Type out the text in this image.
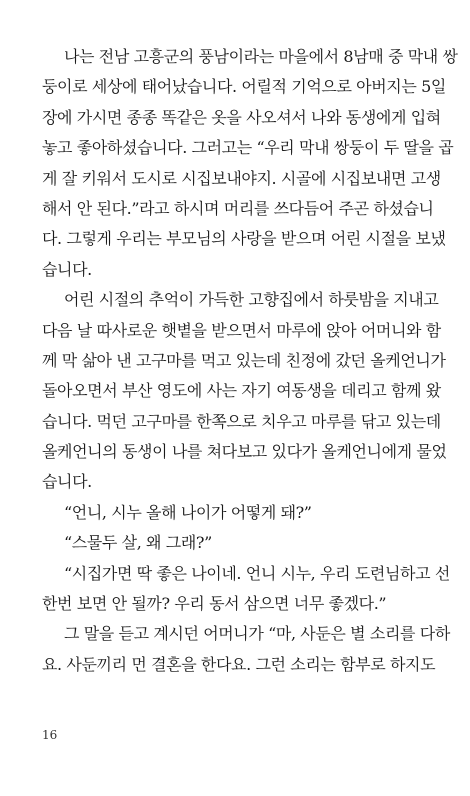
나는 전남 고흥군의 풍남이라는 마을에서 8남매 중 막내 쌍
둥이로 세상에 태어났습니다. 어릴적 기억으로 아버지는 5일
장에 가시면 종종 똑같은 옷을 사오셔서 나와 동생에게 입혀
놓고 좋아하셨습니다. 그러고는 “우리 막내 쌍둥이 두 딸을 곱
게 잘 키워서 도시로 시집보내야지. 시골에 시집보내면 고생
해서 안 된다.”라고 하시며 머리를 쓰다듬어 주곤 하셨습니
다. 그렇게 우리는 부모님의 사랑을 받으며 어린 시절을 보냈
습니다.
어린 시절의 추억이 가득한 고향집에서 하룻밤을 지내고
다음 날 따사로운 햇볕을 받으면서 마루에 앉아 어머니와 함
께 막 삶아 낸 고구마를 먹고 있는데 친정에 갔던 올케언니가
돌아오면서 부산 영도에 사는 자기 여동생을 데리고 함께 왔
습니다. 먹던 고구마를 한쪽으로 치우고 마루를 닦고 있는데
올케언니의 동생이 나를 쳐다보고 있다가 올케언니에게 물었
습니다.
“언니, 시누 올해 나이가 어떻게 돼?”
“스물두 살, 왜 그래?”
“시집가면 딱 좋은 나이네. 언니 시누, 우리 도련님하고 선
한번 보면 안 될까? 우리 동서 삼으면 너무 좋겠다.”
그 말을 듣고 계시던 어머니가 “마, 사둔은 별 소리를 다하
요. 사둔끼리 먼 결혼을 한다요. 그런 소리는 함부로 하지도
16
